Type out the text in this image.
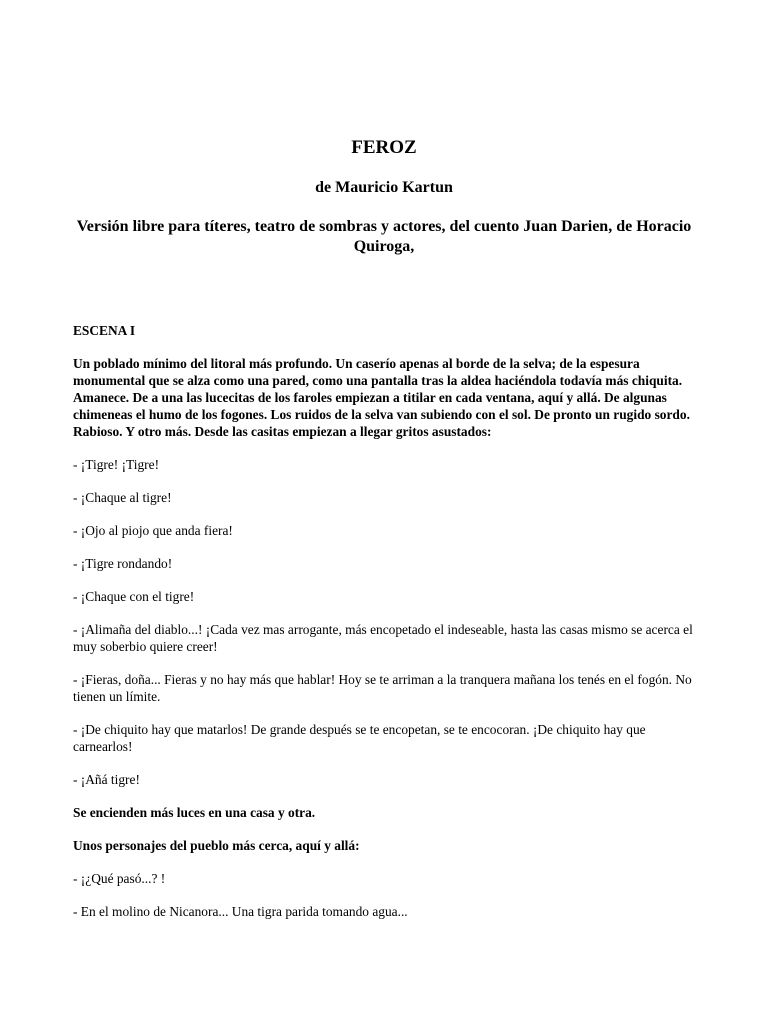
FEROZ
de Mauricio Kartun
Versión libre para títeres, teatro de sombras y actores, del cuento Juan Darien, de Horacio Quiroga,

ESCENA I

Un poblado mínimo del litoral más profundo. Un caserío apenas al borde de la selva; de la espesura monumental que se alza como una pared, como una pantalla tras la aldea haciéndola todavía más chiquita. Amanece. De a una las lucecitas de los faroles empiezan a titilar en cada ventana, aquí y allá. De algunas chimeneas el humo de los fogones. Los ruidos de la selva van subiendo con el sol. De pronto un rugido sordo. Rabioso. Y otro más. Desde las casitas empiezan a llegar gritos asustados:

- ¡Tigre! ¡Tigre!

- ¡Chaque al tigre!

- ¡Ojo al piojo que anda fiera!

- ¡Tigre rondando!

- ¡Chaque con el tigre!

- ¡Alimaña del diablo...! ¡Cada vez mas arrogante, más encopetado el indeseable, hasta las casas mismo se acerca el muy soberbio quiere creer!

- ¡Fieras, doña... Fieras y no hay más que hablar! Hoy se te arriman a la tranquera mañana los tenés en el fogón. No tienen un límite.

- ¡De chiquito hay que matarlos! De grande después se te encopetan, se te encocoran. ¡De chiquito hay que carnearlos!

- ¡Añá tigre!

Se encienden más luces en una casa y otra.

Unos personajes del pueblo más cerca, aquí y allá:

- ¡¿Qué pasó...? !

- En el molino de Nicanora... Una tigra parida tomando agua...
